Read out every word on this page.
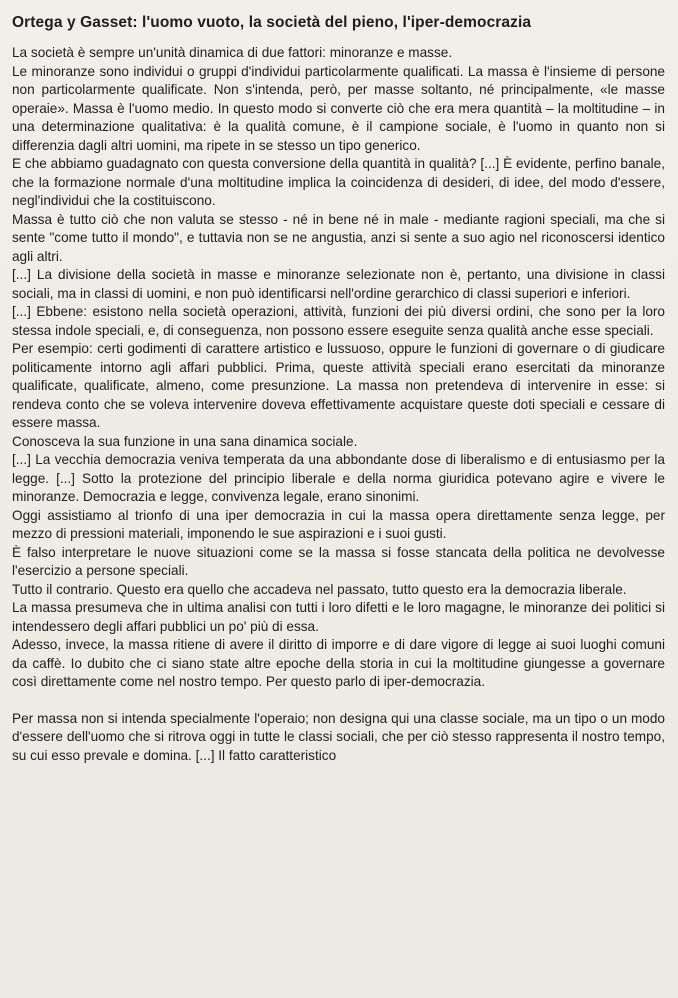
Ortega y Gasset: l'uomo vuoto, la società del pieno, l'iper-democrazia

La società è sempre un'unità dinamica di due fattori: minoranze e masse.

Le minoranze sono individui o gruppi d'individui particolarmente qualificati. La massa è l'insieme di persone non particolarmente qualificate. Non s'intenda, però, per masse soltanto, né principalmente, «le masse operaie». Massa è l'uomo medio. In questo modo si converte ciò che era mera quantità – la moltitudine – in una determinazione qualitativa: è la qualità comune, è il campione sociale, è l'uomo in quanto non si differenzia dagli altri uomini, ma ripete in se stesso un tipo generico.

E che abbiamo guadagnato con questa conversione della quantità in qualità? [...] È evidente, perfino banale, che la formazione normale d'una moltitudine implica la coincidenza di desideri, di idee, del modo d'essere, negl'individui che la costituiscono.

Massa è tutto ciò che non valuta se stesso - né in bene né in male - mediante ragioni speciali, ma che si sente "come tutto il mondo", e tuttavia non se ne angustia, anzi si sente a suo agio nel riconoscersi identico agli altri.

[...] La divisione della società in masse e minoranze selezionate non è, pertanto, una divisione in classi sociali, ma in classi di uomini, e non può identificarsi nell'ordine gerarchico di classi superiori e inferiori.

[...] Ebbene: esistono nella società operazioni, attività, funzioni dei più diversi ordini, che sono per la loro stessa indole speciali, e, di conseguenza, non possono essere eseguite senza qualità anche esse speciali.

Per esempio: certi godimenti di carattere artistico e lussuoso, oppure le funzioni di governare o di giudicare politicamente intorno agli affari pubblici. Prima, queste attività speciali erano esercitati da minoranze qualificate, qualificate, almeno, come presunzione. La massa non pretendeva di intervenire in esse: si rendeva conto che se voleva intervenire doveva effettivamente acquistare queste doti speciali e cessare di essere massa.

Conosceva la sua funzione in una sana dinamica sociale.

[...] La vecchia democrazia veniva temperata da una abbondante dose di liberalismo e di entusiasmo per la legge. [...] Sotto la protezione del principio liberale e della norma giuridica potevano agire e vivere le minoranze. Democrazia e legge, convivenza legale, erano sinonimi.

Oggi assistiamo al trionfo di una iper democrazia in cui la massa opera direttamente senza legge, per mezzo di pressioni materiali, imponendo le sue aspirazioni e i suoi gusti.

È falso interpretare le nuove situazioni come se la massa si fosse stancata della politica ne devolvesse l'esercizio a persone speciali.

Tutto il contrario. Questo era quello che accadeva nel passato, tutto questo era la democrazia liberale.

La massa presumeva che in ultima analisi con tutti i loro difetti e le loro magagne, le minoranze dei politici si intendessero degli affari pubblici un po' più di essa.

Adesso, invece, la massa ritiene di avere il diritto di imporre e di dare vigore di legge ai suoi luoghi comuni da caffè. Io dubito che ci siano state altre epoche della storia in cui la moltitudine giungesse a governare così direttamente come nel nostro tempo. Per questo parlo di iper-democrazia.

Per massa non si intenda specialmente l'operaio; non designa qui una classe sociale, ma un tipo o un modo d'essere dell'uomo che si ritrova oggi in tutte le classi sociali, che per ciò stesso rappresenta il nostro tempo, su cui esso prevale e domina. [...] Il fatto caratteristico
